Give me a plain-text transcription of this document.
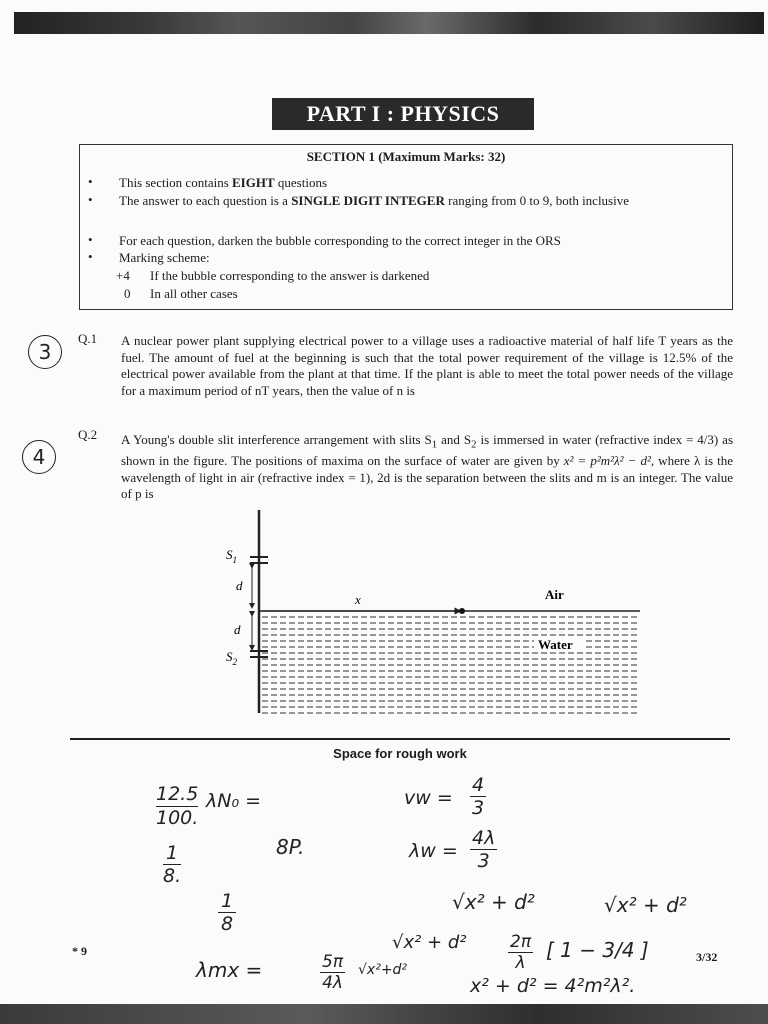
PART I : PHYSICS
SECTION 1 (Maximum Marks: 32)
• This section contains EIGHT questions
• The answer to each question is a SINGLE DIGIT INTEGER ranging from 0 to 9, both inclusive
• For each question, darken the bubble corresponding to the correct integer in the ORS
• Marking scheme:
+4 If the bubble corresponding to the answer is darkened
0 In all other cases
3
Q.1 A nuclear power plant supplying electrical power to a village uses a radioactive material of half life T years as the fuel. The amount of fuel at the beginning is such that the total power requirement of the village is 12.5% of the electrical power available from the plant at that time. If the plant is able to meet the total power needs of the village for a maximum period of nT years, then the value of n is
4
Q.2 A Young's double slit interference arrangement with slits $S_1$ and $S_2$ is immersed in water (refractive index = 4/3) as shown in the figure. The positions of maxima on the surface of water are given by x² = p²m²λ² − d², where λ is the wavelength of light in air (refractive index = 1), 2d is the separation between the slits and m is an integer. The value of p is
$S_1$
$S_2$
d
d
x	Air
Water
Space for rough work
12.5
100.
λN₀ =
1
8.
8P.
1
8
vw =
4
3
λw =
4λ
3
√x² + d²	√x² + d²
λmx =	5π
4λ
√x²+d²
√x² + d²	2π
λ
[ 1 − 3/4 ]
x² + d² = 4²m²λ².
* 9	3/32
